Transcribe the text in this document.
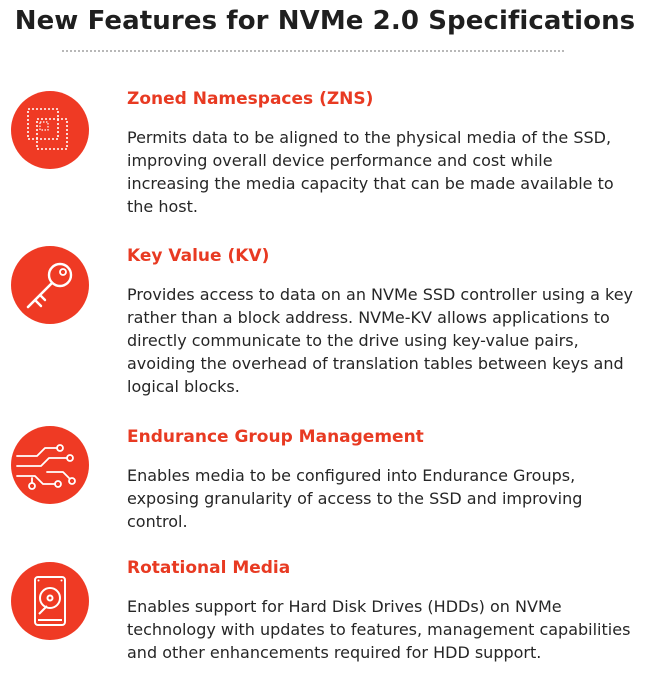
New Features for NVMe 2.0 Specifications
Zoned Namespaces (ZNS)
Permits data to be aligned to the physical media of the SSD, improving overall device performance and cost while increasing the media capacity that can be made available to the host.
Key Value (KV)
Provides access to data on an NVMe SSD controller using a key rather than a block address. NVMe-KV allows applications to directly communicate to the drive using key-value pairs, avoiding the overhead of translation tables between keys and logical blocks.
Endurance Group Management
Enables media to be configured into Endurance Groups, exposing granularity of access to the SSD and improving control.
Rotational Media
Enables support for Hard Disk Drives (HDDs) on NVMe technology with updates to features, management capabilities and other enhancements required for HDD support.
